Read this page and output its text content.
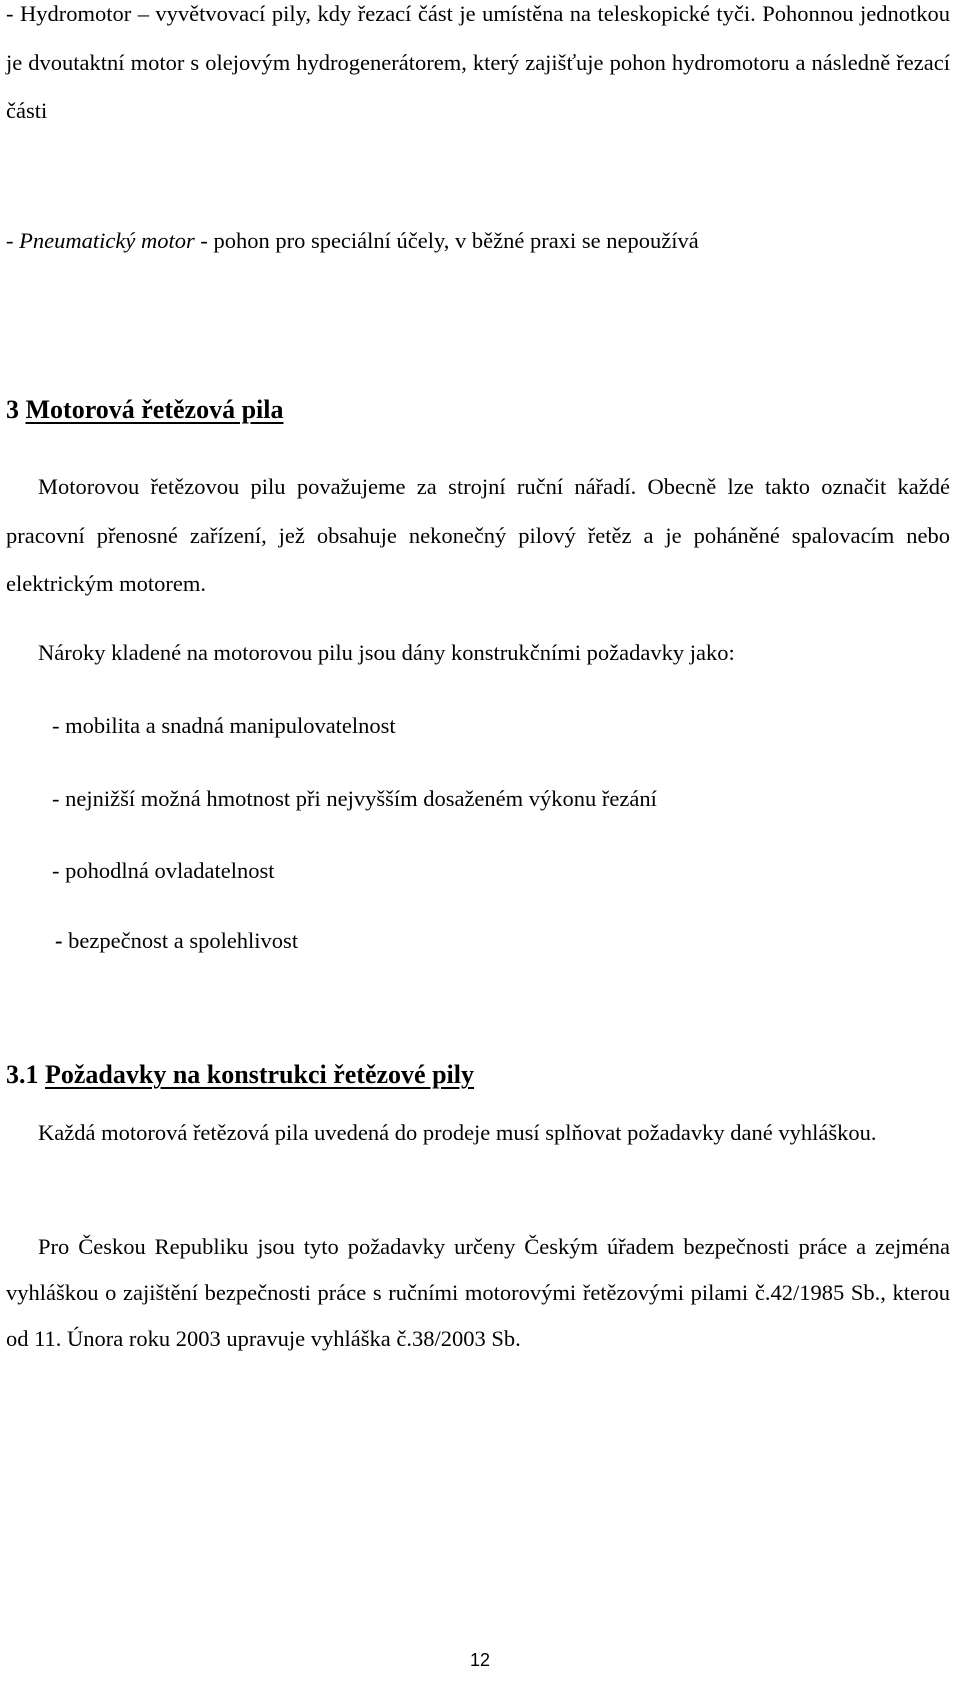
- Hydromotor – vyvětvovací pily, kdy řezací část je umístěna na teleskopické tyči. Pohonnou jednotkou je dvoutaktní motor s olejovým hydrogenerátorem, který zajišťuje pohon hydromotoru a následně řezací části

- Pneumatický motor - pohon pro speciální účely, v běžné praxi se nepoužívá

3 Motorová řetězová pila

Motorovou řetězovou pilu považujeme za strojní ruční nářadí. Obecně lze takto označit každé pracovní přenosné zařízení, jež obsahuje nekonečný pilový řetěz a je poháněné spalovacím nebo elektrickým motorem.

Nároky kladené na motorovou pilu jsou dány konstrukčními požadavky jako:

- mobilita a snadná manipulovatelnost

- nejnižší možná hmotnost při nejvyšším dosaženém výkonu řezání

- pohodlná ovladatelnost

- bezpečnost a spolehlivost

3.1 Požadavky na konstrukci řetězové pily

Každá motorová řetězová pila uvedená do prodeje musí splňovat požadavky dané vyhláškou.

Pro Českou Republiku jsou tyto požadavky určeny Českým úřadem bezpečnosti práce a zejména vyhláškou o zajištění bezpečnosti práce s ručními motorovými řetězovými pilami č.42/1985 Sb., kterou od 11. Února roku 2003 upravuje vyhláška č.38/2003 Sb.

12
